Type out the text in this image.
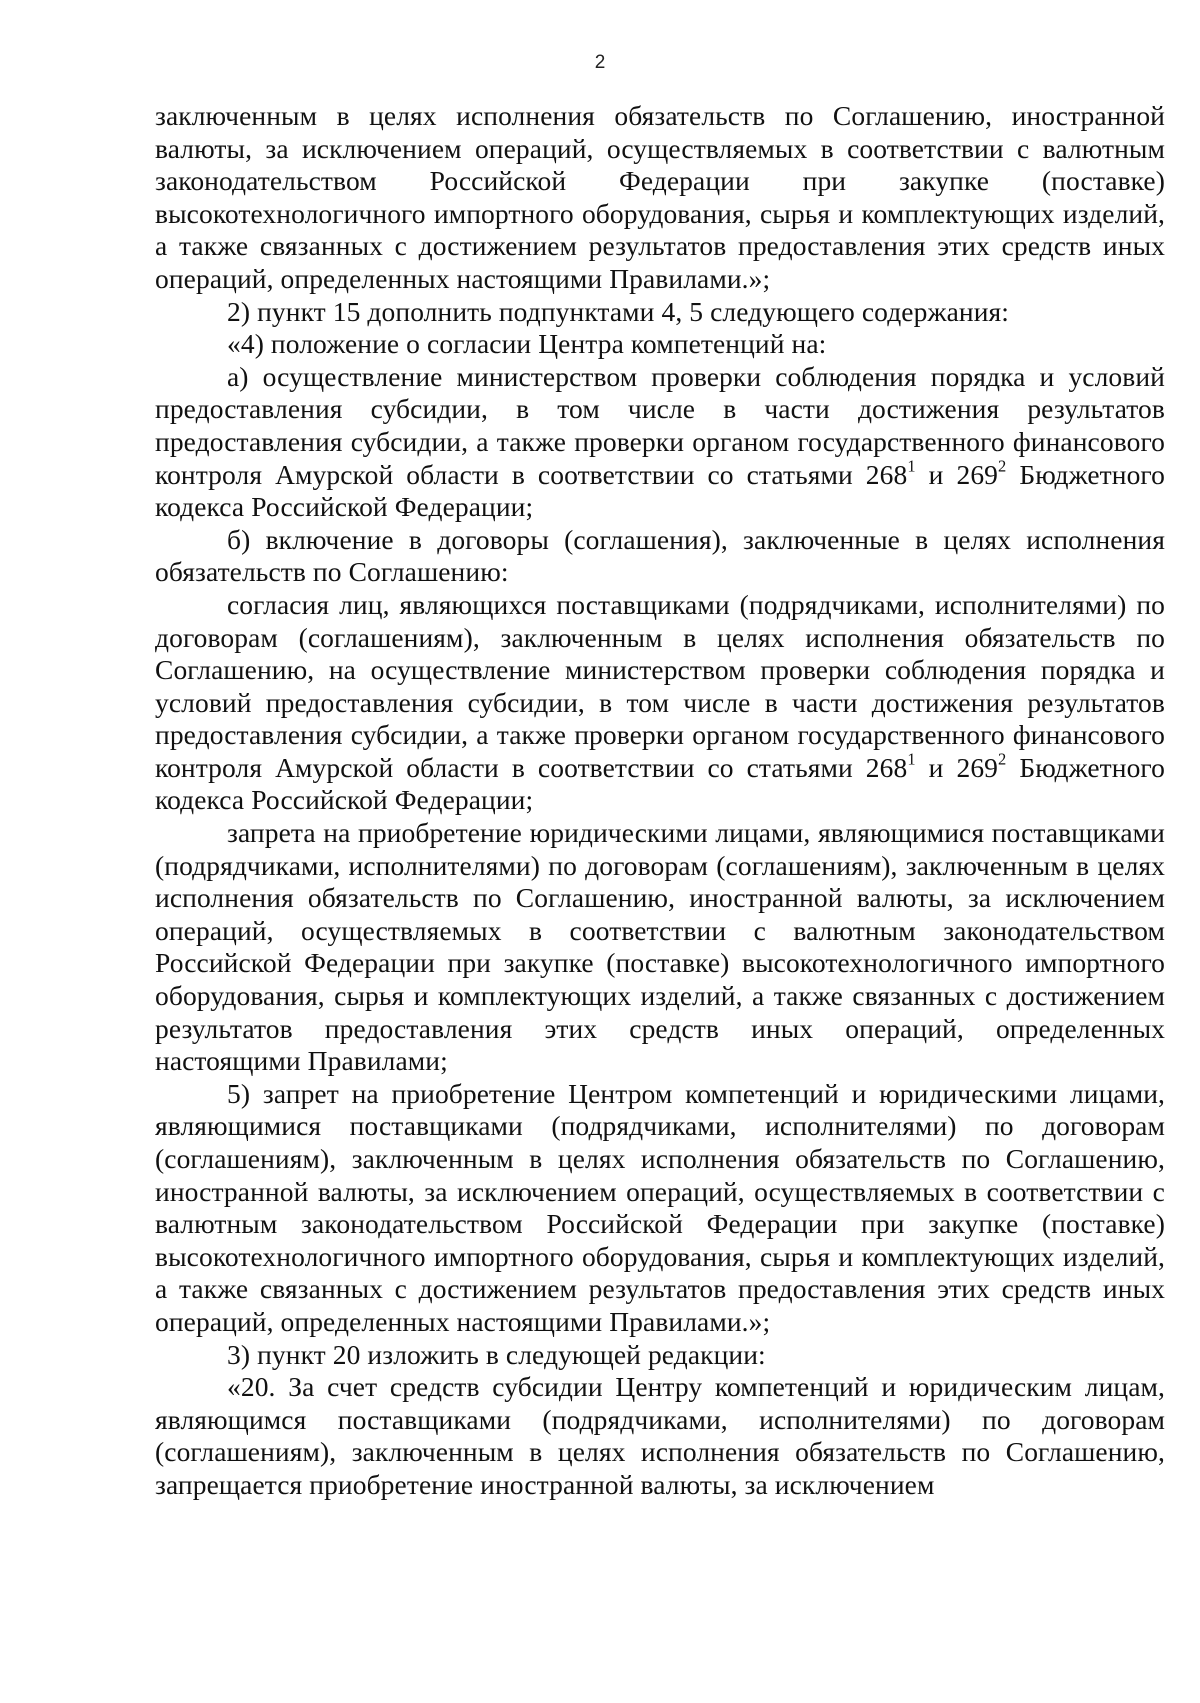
2

заключенным в целях исполнения обязательств по Соглашению, иностранной валюты, за исключением операций, осуществляемых в соответствии с валютным законодательством Российской Федерации при закупке (поставке) высокотехнологичного импортного оборудования, сырья и комплектующих изделий, а также связанных с достижением результатов предоставления этих средств иных операций, определенных настоящими Правилами.»;

2) пункт 15 дополнить подпунктами 4, 5 следующего содержания:

«4) положение о согласии Центра компетенций на:

а) осуществление министерством проверки соблюдения порядка и условий предоставления субсидии, в том числе в части достижения результатов предоставления субсидии, а также проверки органом государственного финансового контроля Амурской области в соответствии со статьями $268^1$ и $269^2$ Бюджетного кодекса Российской Федерации;

б) включение в договоры (соглашения), заключенные в целях исполнения обязательств по Соглашению:

согласия лиц, являющихся поставщиками (подрядчиками, исполнителями) по договорам (соглашениям), заключенным в целях исполнения обязательств по Соглашению, на осуществление министерством проверки соблюдения порядка и условий предоставления субсидии, в том числе в части достижения результатов предоставления субсидии, а также проверки органом государственного финансового контроля Амурской области в соответствии со статьями $268^1$ и $269^2$ Бюджетного кодекса Российской Федерации;

запрета на приобретение юридическими лицами, являющимися поставщиками (подрядчиками, исполнителями) по договорам (соглашениям), заключенным в целях исполнения обязательств по Соглашению, иностранной валюты, за исключением операций, осуществляемых в соответствии с валютным законодательством Российской Федерации при закупке (поставке) высокотехнологичного импортного оборудования, сырья и комплектующих изделий, а также связанных с достижением результатов предоставления этих средств иных операций, определенных настоящими Правилами;

5) запрет на приобретение Центром компетенций и юридическими лицами, являющимися поставщиками (подрядчиками, исполнителями) по договорам (соглашениям), заключенным в целях исполнения обязательств по Соглашению, иностранной валюты, за исключением операций, осуществляемых в соответствии с валютным законодательством Российской Федерации при закупке (поставке) высокотехнологичного импортного оборудования, сырья и комплектующих изделий, а также связанных с достижением результатов предоставления этих средств иных операций, определенных настоящими Правилами.»;

3) пункт 20 изложить в следующей редакции:

«20. За счет средств субсидии Центру компетенций и юридическим лицам, являющимся поставщиками (подрядчиками, исполнителями) по договорам (соглашениям), заключенным в целях исполнения обязательств по Соглашению, запрещается приобретение иностранной валюты, за исключением
